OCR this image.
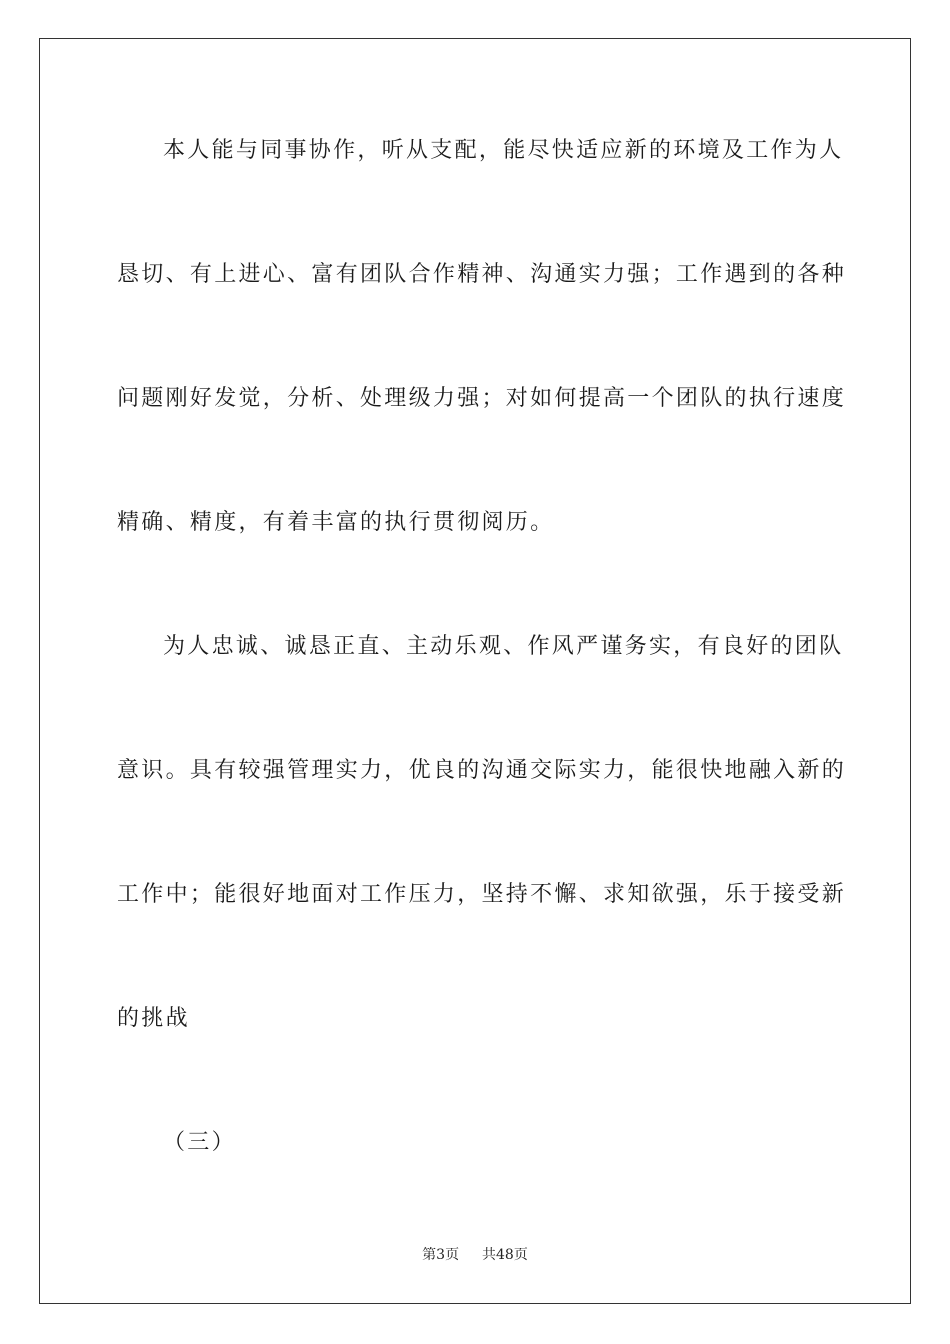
本人能与同事协作，听从支配，能尽快适应新的环境及工作为人
恳切、有上进心、富有团队合作精神、沟通实力强；工作遇到的各种
问题刚好发觉，分析、处理级力强；对如何提高一个团队的执行速度
精确、精度，有着丰富的执行贯彻阅历。
为人忠诚、诚恳正直、主动乐观、作风严谨务实，有良好的团队
意识。具有较强管理实力，优良的沟通交际实力，能很快地融入新的
工作中；能很好地面对工作压力，坚持不懈、求知欲强，乐于接受新
的挑战
（三）
第3页 共48页
